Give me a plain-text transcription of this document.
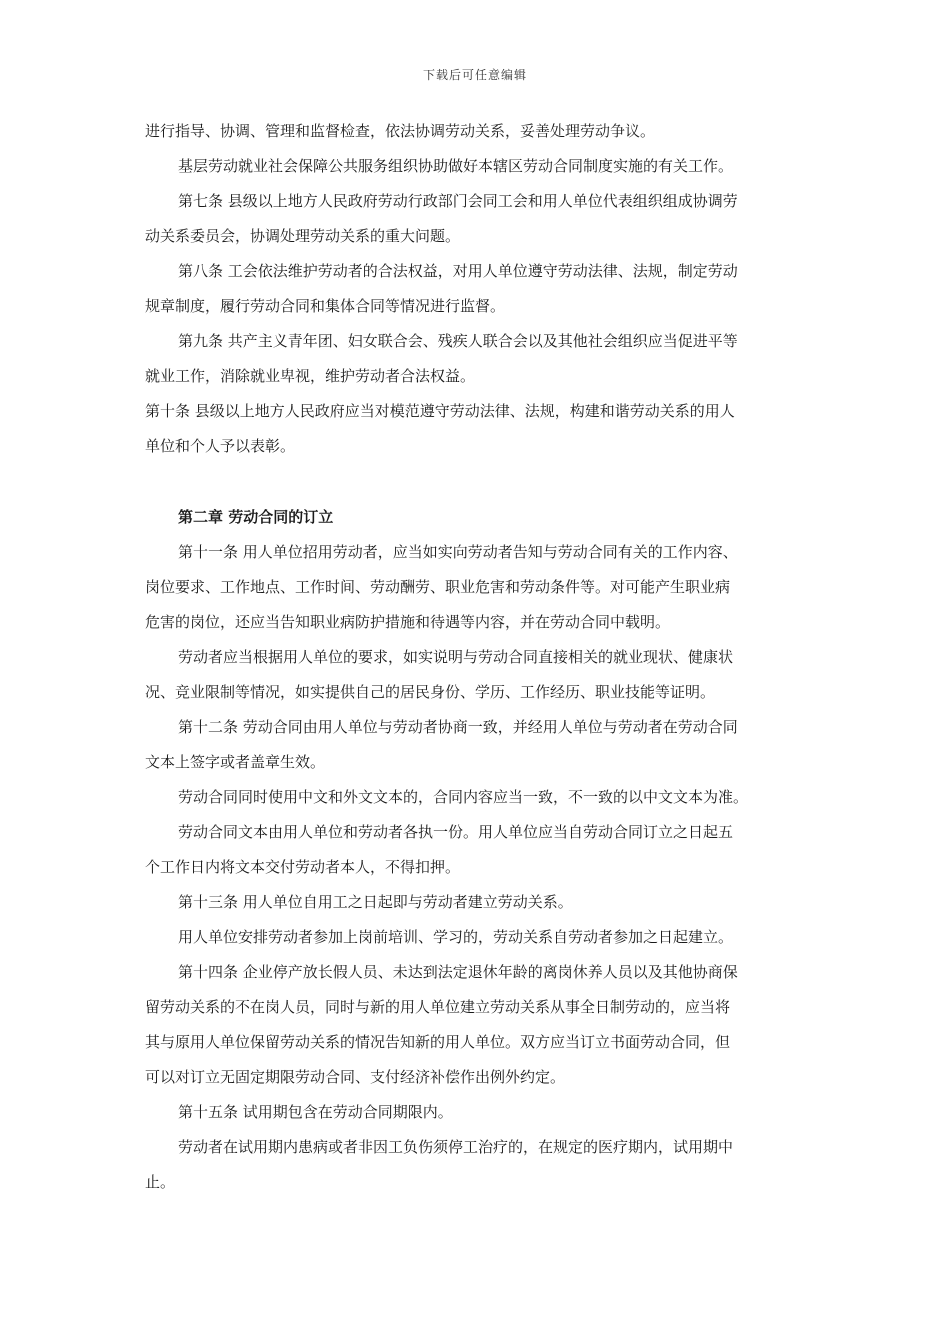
下载后可任意编辑

进行指导、协调、管理和监督检查，依法协调劳动关系，妥善处理劳动争议。

基层劳动就业社会保障公共服务组织协助做好本辖区劳动合同制度实施的有关工作。

第七条 县级以上地方人民政府劳动行政部门会同工会和用人单位代表组织组成协调劳

动关系委员会，协调处理劳动关系的重大问题。

第八条 工会依法维护劳动者的合法权益，对用人单位遵守劳动法律、法规，制定劳动

规章制度，履行劳动合同和集体合同等情况进行监督。

第九条 共产主义青年团、妇女联合会、残疾人联合会以及其他社会组织应当促进平等

就业工作，消除就业卑视，维护劳动者合法权益。

第十条 县级以上地方人民政府应当对模范遵守劳动法律、法规，构建和谐劳动关系的用人

单位和个人予以表彰。

第二章 劳动合同的订立

第十一条 用人单位招用劳动者，应当如实向劳动者告知与劳动合同有关的工作内容、

岗位要求、工作地点、工作时间、劳动酬劳、职业危害和劳动条件等。对可能产生职业病

危害的岗位，还应当告知职业病防护措施和待遇等内容，并在劳动合同中载明。

劳动者应当根据用人单位的要求，如实说明与劳动合同直接相关的就业现状、健康状

况、竞业限制等情况，如实提供自己的居民身份、学历、工作经历、职业技能等证明。

第十二条 劳动合同由用人单位与劳动者协商一致，并经用人单位与劳动者在劳动合同

文本上签字或者盖章生效。

劳动合同同时使用中文和外文文本的，合同内容应当一致，不一致的以中文文本为准。

劳动合同文本由用人单位和劳动者各执一份。用人单位应当自劳动合同订立之日起五

个工作日内将文本交付劳动者本人，不得扣押。

第十三条 用人单位自用工之日起即与劳动者建立劳动关系。

用人单位安排劳动者参加上岗前培训、学习的，劳动关系自劳动者参加之日起建立。

第十四条 企业停产放长假人员、未达到法定退休年龄的离岗休养人员以及其他协商保

留劳动关系的不在岗人员，同时与新的用人单位建立劳动关系从事全日制劳动的，应当将

其与原用人单位保留劳动关系的情况告知新的用人单位。双方应当订立书面劳动合同，但

可以对订立无固定期限劳动合同、支付经济补偿作出例外约定。

第十五条 试用期包含在劳动合同期限内。

劳动者在试用期内患病或者非因工负伤须停工治疗的，在规定的医疗期内，试用期中

止。
